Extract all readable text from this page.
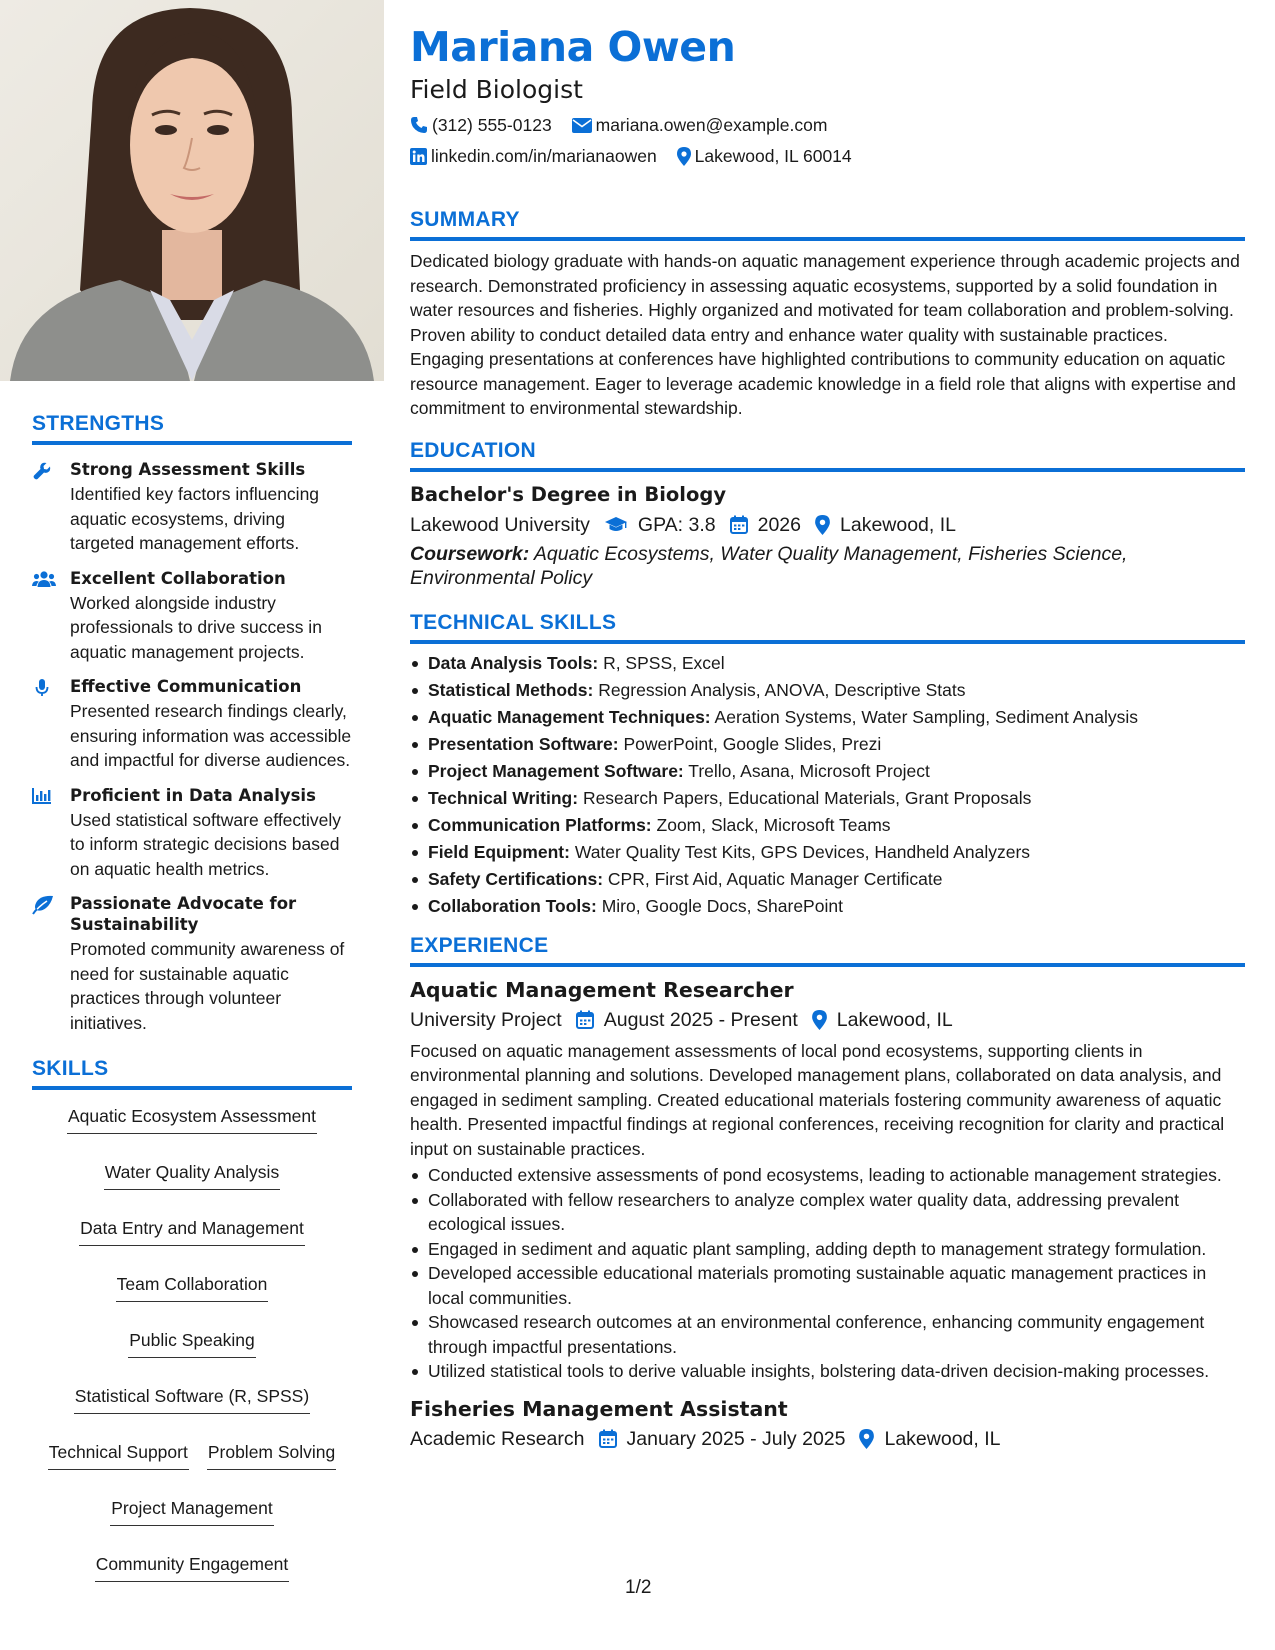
STRENGTHS
Strong Assessment Skills
Identified key factors influencing aquatic ecosystems, driving targeted management efforts.
Excellent Collaboration
Worked alongside industry professionals to drive success in aquatic management projects.
Effective Communication
Presented research findings clearly, ensuring information was accessible and impactful for diverse audiences.
Proficient in Data Analysis
Used statistical software effectively to inform strategic decisions based on aquatic health metrics.
Passionate Advocate for Sustainability
Promoted community awareness of need for sustainable aquatic practices through volunteer initiatives.
SKILLS
Aquatic Ecosystem Assessment
Water Quality Analysis
Data Entry and Management
Team Collaboration
Public Speaking
Statistical Software (R, SPSS)
Technical Support Problem Solving
Project Management
Community Engagement
Mariana Owen
Field Biologist
(312) 555-0123	mariana.owen@example.com
linkedin.com/in/marianaowen Lakewood, IL 60014
SUMMARY
Dedicated biology graduate with hands-on aquatic management experience through academic projects and research. Demonstrated proficiency in assessing aquatic ecosystems, supported by a solid foundation in water resources and fisheries. Highly organized and motivated for team collaboration and problem-solving. Proven ability to conduct detailed data entry and enhance water quality with sustainable practices. Engaging presentations at conferences have highlighted contributions to community education on aquatic resource management. Eager to leverage academic knowledge in a field role that aligns with expertise and commitment to environmental stewardship.
EDUCATION
Bachelor's Degree in Biology
Lakewood University GPA: 3.8 2026 Lakewood, IL
Coursework: Aquatic Ecosystems, Water Quality Management, Fisheries Science, Environmental Policy
TECHNICAL SKILLS
Data Analysis Tools: R, SPSS, Excel
Statistical Methods: Regression Analysis, ANOVA, Descriptive Stats
Aquatic Management Techniques: Aeration Systems, Water Sampling, Sediment Analysis
Presentation Software: PowerPoint, Google Slides, Prezi
Project Management Software: Trello, Asana, Microsoft Project
Technical Writing: Research Papers, Educational Materials, Grant Proposals
Communication Platforms: Zoom, Slack, Microsoft Teams
Field Equipment: Water Quality Test Kits, GPS Devices, Handheld Analyzers
Safety Certifications: CPR, First Aid, Aquatic Manager Certificate
Collaboration Tools: Miro, Google Docs, SharePoint
EXPERIENCE
Aquatic Management Researcher
University Project August 2025 - Present Lakewood, IL
Focused on aquatic management assessments of local pond ecosystems, supporting clients in environmental planning and solutions. Developed management plans, collaborated on data analysis, and engaged in sediment sampling. Created educational materials fostering community awareness of aquatic health. Presented impactful findings at regional conferences, receiving recognition for clarity and practical input on sustainable practices.
Conducted extensive assessments of pond ecosystems, leading to actionable management strategies.
Collaborated with fellow researchers to analyze complex water quality data, addressing prevalent ecological issues.
Engaged in sediment and aquatic plant sampling, adding depth to management strategy formulation.
Developed accessible educational materials promoting sustainable aquatic management practices in local communities.
Showcased research outcomes at an environmental conference, enhancing community engagement through impactful presentations.
Utilized statistical tools to derive valuable insights, bolstering data-driven decision-making processes.
Fisheries Management Assistant
Academic Research January 2025 - July 2025 Lakewood, IL
1/2
